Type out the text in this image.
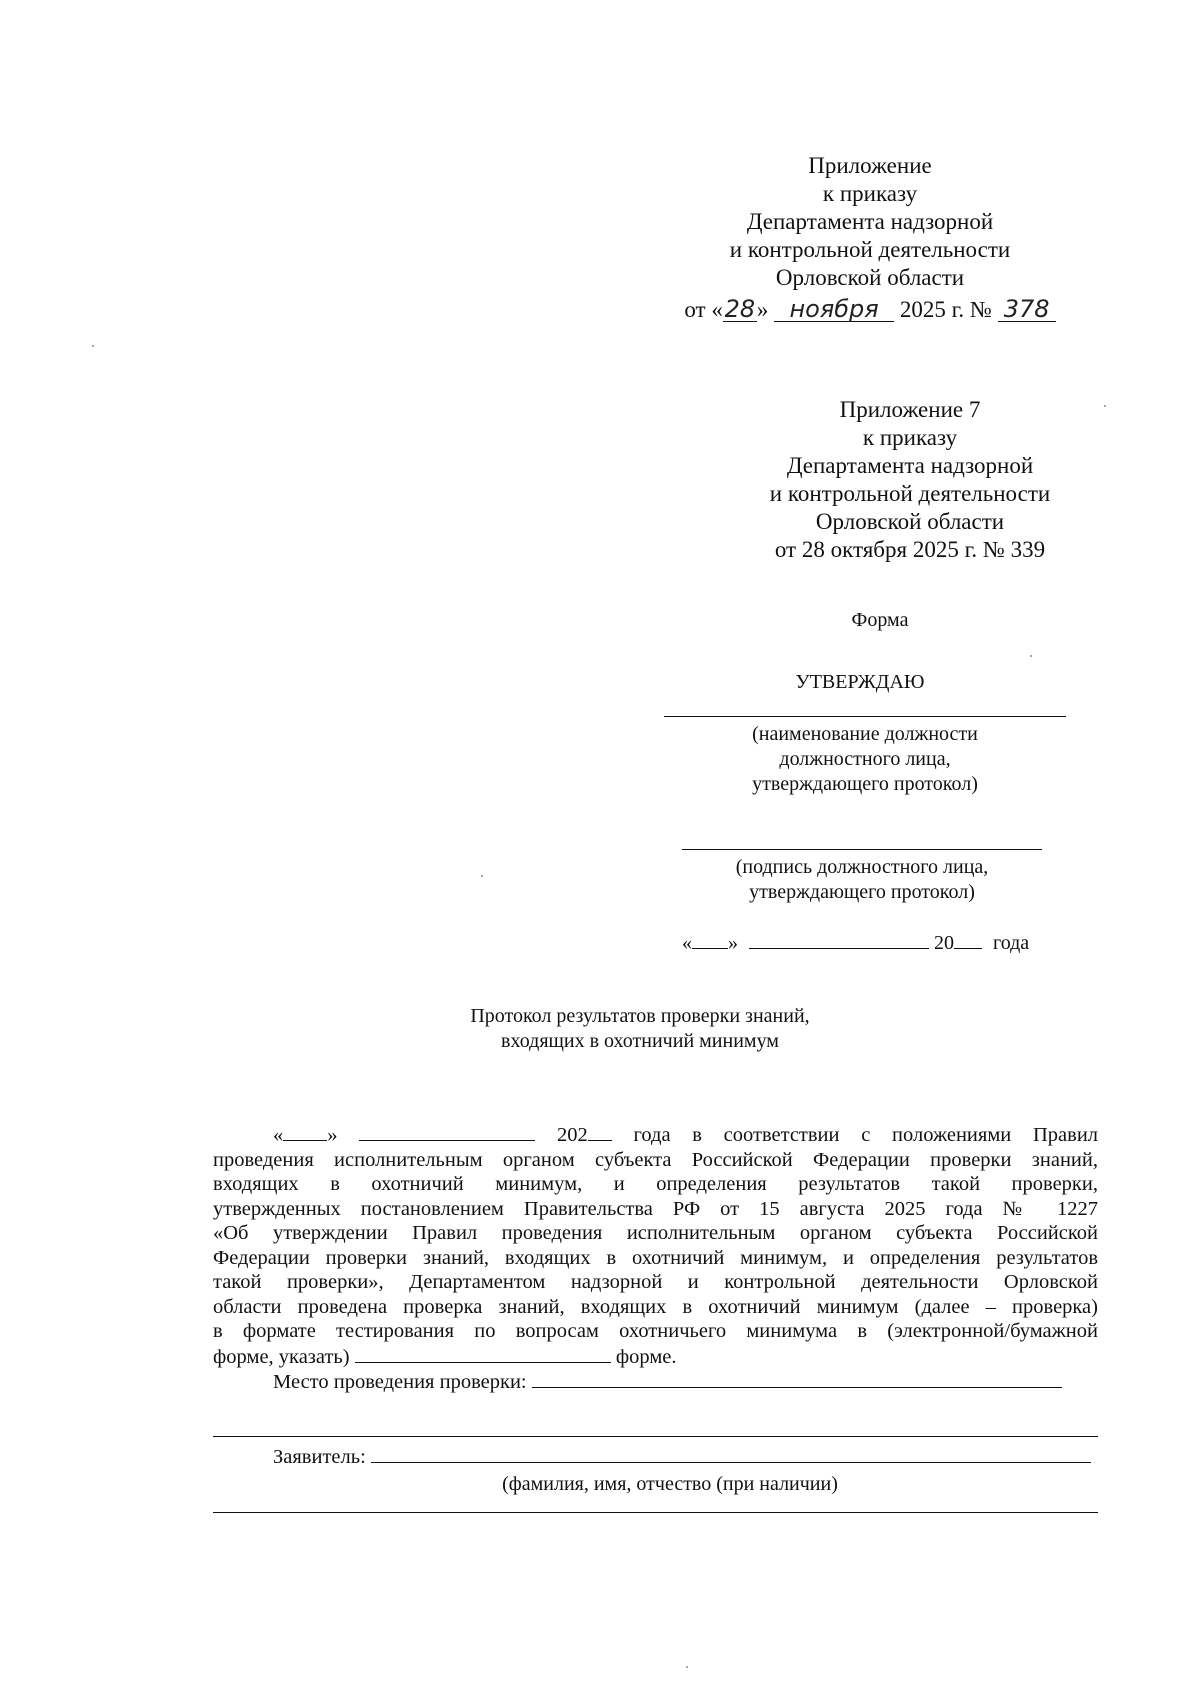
Приложение
к приказу
Департамента надзорной
и контрольной деятельности
Орловской области
от «28» ноября 2025 г. № 378
Приложение 7
к приказу
Департамента надзорной
и контрольной деятельности
Орловской области
от 28 октября 2025 г. № 339
Форма
УТВЕРЖДАЮ
(наименование должности
должностного лица,
утверждающего протокол)
(подпись должностного лица,
утверждающего протокол)
« »	20 года
Протокол результатов проверки знаний,
входящих в охотничий минимум
« »	202 года в соответствии с положениями Правил
проведения исполнительным органом субъекта Российской Федерации проверки знаний,
входящих в охотничий минимум, и определения результатов такой проверки,
утвержденных постановлением Правительства РФ от 15 августа 2025 года № 1227
«Об утверждении Правил проведения исполнительным органом субъекта Российской
Федерации проверки знаний, входящих в охотничий минимум, и определения результатов
такой проверки», Департаментом надзорной и контрольной деятельности Орловской
области проведена проверка знаний, входящих в охотничий минимум (далее – проверка)
в формате тестирования по вопросам охотничьего минимума в (электронной/бумажной
форме, указать)	форме.
Место проведения проверки:
Заявитель:
(фамилия, имя, отчество (при наличии)
